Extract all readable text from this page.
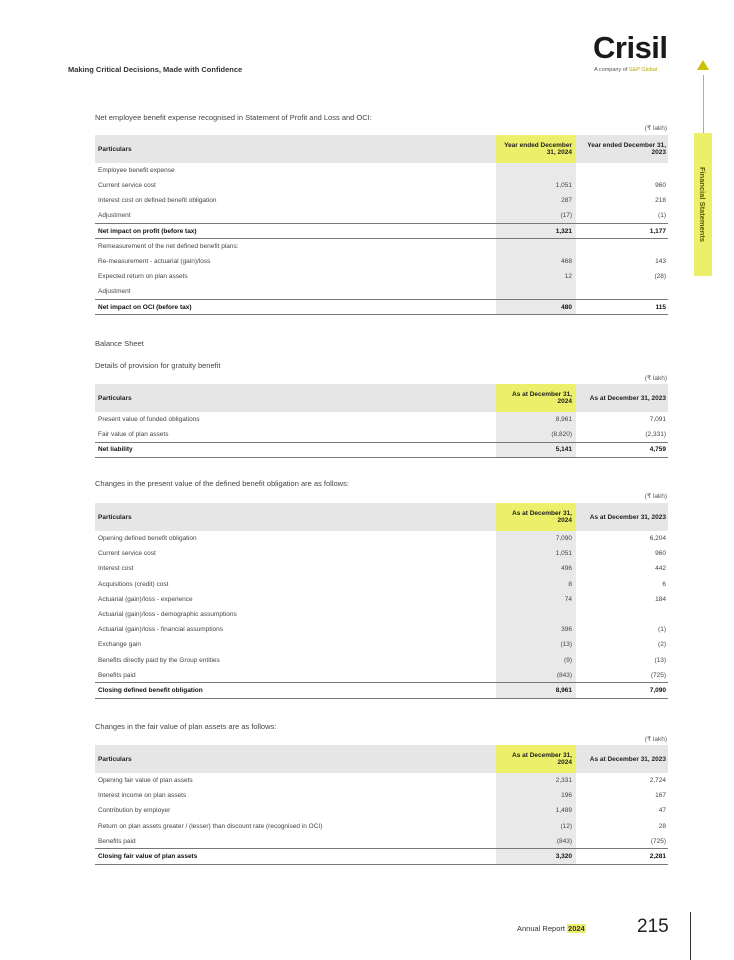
Making Critical Decisions, Made with Confidence
Crisil
A company of S&P Global
Financial Statements
Net employee benefit expense recognised in Statement of Profit and Loss and OCI:
(₹ lakh)
Particulars	Year ended December 31, 2024	Year ended December 31, 2023
Employee benefit expense		
Current service cost	1,051	960
Interest cost on defined benefit obligation	287	218
Adjustment	(17)	(1)
Net impact on profit (before tax)	1,321	1,177
Remeasurement of the net defined benefit plans:		
Re-measurement - actuarial (gain)/loss	468	143
Expected return on plan assets	12	(28)
Adjustment		
Net impact on OCI (before tax)	480	115
Balance Sheet
Details of provision for gratuity benefit
(₹ lakh)
Particulars	As at December 31, 2024	As at December 31, 2023
Present value of funded obligations	8,961	7,091
Fair value of plan assets	(8,820)	(2,331)
Net liability	5,141	4,759
Changes in the present value of the defined benefit obligation are as follows:
(₹ lakh)
Particulars	As at December 31, 2024	As at December 31, 2023
Opening defined benefit obligation	7,090	6,204
Current service cost	1,051	960
Interest cost	496	442
Acquisitions (credit) cost	8	6
Actuarial (gain)/loss - experience	74	184
Actuarial (gain)/loss - demographic assumptions		
Actuarial (gain)/loss - financial assumptions	396	(1)
Exchange gain	(13)	(2)
Benefits directly paid by the Group entities	(9)	(13)
Benefits paid	(843)	(725)
Closing defined benefit obligation	8,961	7,090
Changes in the fair value of plan assets are as follows:
(₹ lakh)
Particulars	As at December 31, 2024	As at December 31, 2023
Opening fair value of plan assets	2,331	2,724
Interest income on plan assets	196	167
Contribution by employer	1,489	47
Return on plan assets greater / (lesser) than discount rate (recognised in OCI)	(12)	28
Benefits paid	(843)	(725)
Closing fair value of plan assets	3,320	2,281
Annual Report 2024	215
